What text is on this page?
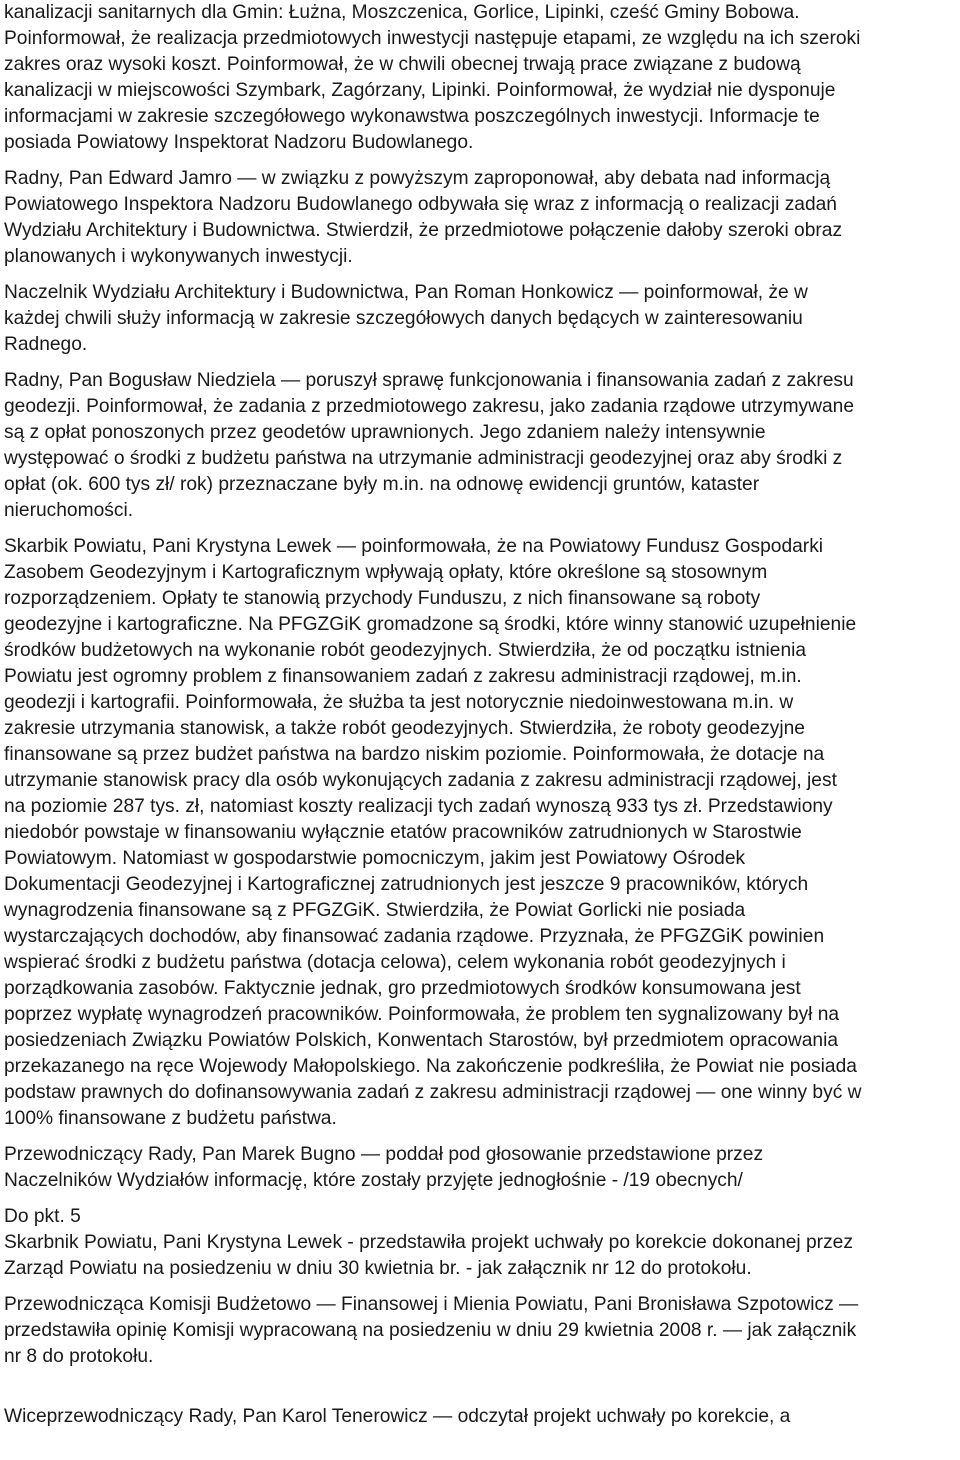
kanalizacji sanitarnych dla Gmin: Łużna, Moszczenica, Gorlice, Lipinki, cześć Gminy Bobowa.
Poinformował, że realizacja przedmiotowych inwestycji następuje etapami, ze względu na ich szeroki
zakres oraz wysoki koszt. Poinformował, że w chwili obecnej trwają prace związane z budową
kanalizacji w miejscowości Szymbark, Zagórzany, Lipinki. Poinformował, że wydział nie dysponuje
informacjami w zakresie szczegółowego wykonawstwa poszczególnych inwestycji. Informacje te
posiada Powiatowy Inspektorat Nadzoru Budowlanego.

Radny, Pan Edward Jamro — w związku z powyższym zaproponował, aby debata nad informacją
Powiatowego Inspektora Nadzoru Budowlanego odbywała się wraz z informacją o realizacji zadań
Wydziału Architektury i Budownictwa. Stwierdził, że przedmiotowe połączenie dałoby szeroki obraz
planowanych i wykonywanych inwestycji.

Naczelnik Wydziału Architektury i Budownictwa, Pan Roman Honkowicz — poinformował, że w
każdej chwili służy informacją w zakresie szczegółowych danych będących w zainteresowaniu
Radnego.

Radny, Pan Bogusław Niedziela — poruszył sprawę funkcjonowania i finansowania zadań z zakresu
geodezji. Poinformował, że zadania z przedmiotowego zakresu, jako zadania rządowe utrzymywane
są z opłat ponoszonych przez geodetów uprawnionych. Jego zdaniem należy intensywnie
występować o środki z budżetu państwa na utrzymanie administracji geodezyjnej oraz aby środki z
opłat (ok. 600 tys zł/ rok) przeznaczane były m.in. na odnowę ewidencji gruntów, kataster
nieruchomości.

Skarbik Powiatu, Pani Krystyna Lewek — poinformowała, że na Powiatowy Fundusz Gospodarki
Zasobem Geodezyjnym i Kartograficznym wpływają opłaty, które określone są stosownym
rozporządzeniem. Opłaty te stanowią przychody Funduszu, z nich finansowane są roboty
geodezyjne i kartograficzne. Na PFGZGiK gromadzone są środki, które winny stanowić uzupełnienie
środków budżetowych na wykonanie robót geodezyjnych. Stwierdziła, że od początku istnienia
Powiatu jest ogromny problem z finansowaniem zadań z zakresu administracji rządowej, m.in.
geodezji i kartografii. Poinformowała, że służba ta jest notorycznie niedoinwestowana m.in. w
zakresie utrzymania stanowisk, a także robót geodezyjnych. Stwierdziła, że roboty geodezyjne
finansowane są przez budżet państwa na bardzo niskim poziomie. Poinformowała, że dotacje na
utrzymanie stanowisk pracy dla osób wykonujących zadania z zakresu administracji rządowej, jest
na poziomie 287 tys. zł, natomiast koszty realizacji tych zadań wynoszą 933 tys zł. Przedstawiony
niedobór powstaje w finansowaniu wyłącznie etatów pracowników zatrudnionych w Starostwie
Powiatowym. Natomiast w gospodarstwie pomocniczym, jakim jest Powiatowy Ośrodek
Dokumentacji Geodezyjnej i Kartograficznej zatrudnionych jest jeszcze 9 pracowników, których
wynagrodzenia finansowane są z PFGZGiK. Stwierdziła, że Powiat Gorlicki nie posiada
wystarczających dochodów, aby finansować zadania rządowe. Przyznała, że PFGZGiK powinien
wspierać środki z budżetu państwa (dotacja celowa), celem wykonania robót geodezyjnych i
porządkowania zasobów. Faktycznie jednak, gro przedmiotowych środków konsumowana jest
poprzez wypłatę wynagrodzeń pracowników. Poinformowała, że problem ten sygnalizowany był na
posiedzeniach Związku Powiatów Polskich, Konwentach Starostów, był przedmiotem opracowania
przekazanego na ręce Wojewody Małopolskiego. Na zakończenie podkreśliła, że Powiat nie posiada
podstaw prawnych do dofinansowywania zadań z zakresu administracji rządowej — one winny być w
100% finansowane z budżetu państwa.

Przewodniczący Rady, Pan Marek Bugno — poddał pod głosowanie przedstawione przez
Naczelników Wydziałów informację, które zostały przyjęte jednogłośnie - /19 obecnych/

Do pkt. 5
Skarbnik Powiatu, Pani Krystyna Lewek - przedstawiła projekt uchwały po korekcie dokonanej przez
Zarząd Powiatu na posiedzeniu w dniu 30 kwietnia br. - jak załącznik nr 12 do protokołu.

Przewodnicząca Komisji Budżetowo — Finansowej i Mienia Powiatu, Pani Bronisława Szpotowicz —
przedstawiła opinię Komisji wypracowaną na posiedzeniu w dniu 29 kwietnia 2008 r. — jak załącznik
nr 8 do protokołu.

Wiceprzewodniczący Rady, Pan Karol Tenerowicz — odczytał projekt uchwały po korekcie, a
